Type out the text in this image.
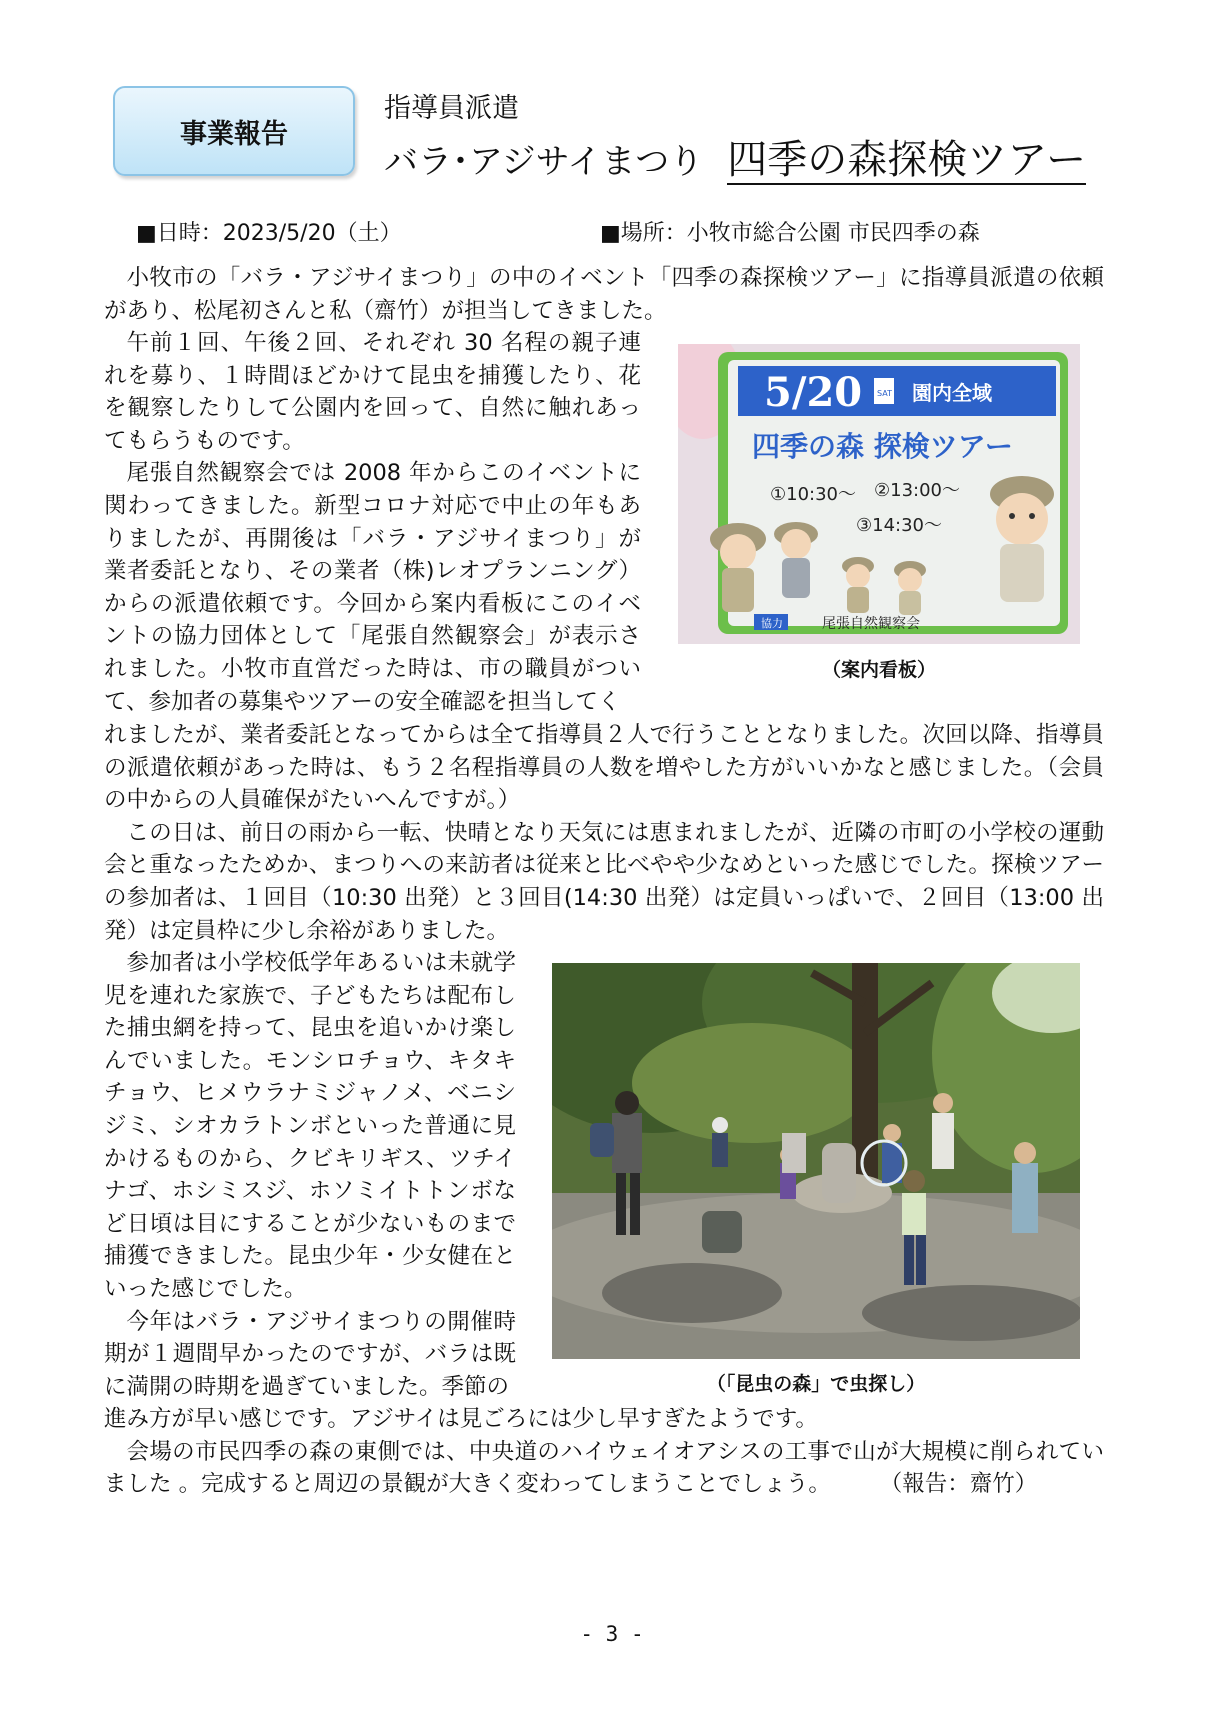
事業報告
指導員派遣
バラ･アジサイまつり 四季の森探検ツアー
■日時：2023/5/20（土）	■場所：小牧市総合公園 市民四季の森

小牧市の「バラ・アジサイまつり」の中のイベント「四季の森探検ツアー」に指導員派遣の依頼があり、松尾初さんと私（齋竹）が担当してきました。

午前１回、午後２回、それぞれ 30 名程の親子連れを募り、１時間ほどかけて昆虫を捕獲したり、花を観察したりして公園内を回って、自然に触れあってもらうものです。

尾張自然観察会では 2008 年からこのイベントに関わってきました。新型コロナ対応で中止の年もありましたが、再開後は「バラ・アジサイまつり」が業者委託となり、その業者（株)レオプランニング）からの派遣依頼です。今回から案内看板にこのイベントの協力団体として「尾張自然観察会」が表示されました。小牧市直営だった時は、市の職員がついて、参加者の募集やツアーの安全確認を担当してく

5/20 SAT 園内全域
四季の森 探検ツアー
①10:30～ ②13:00～
③14:30～
協力	尾張自然観察会
（案内看板）

れましたが、業者委託となってからは全て指導員２人で行うこととなりました。次回以降、指導員の派遣依頼があった時は、もう２名程指導員の人数を増やした方がいいかなと感じました。（会員の中からの人員確保がたいへんですが。）

この日は、前日の雨から一転、快晴となり天気には恵まれましたが、近隣の市町の小学校の運動会と重なったためか、まつりへの来訪者は従来と比べやや少なめといった感じでした。探検ツアーの参加者は、１回目（10:30 出発）と３回目(14:30 出発）は定員いっぱいで、２回目（13:00 出発）は定員枠に少し余裕がありました。

参加者は小学校低学年あるいは未就学児を連れた家族で、子どもたちは配布した捕虫網を持って、昆虫を追いかけ楽しんでいました。モンシロチョウ、キタキチョウ、ヒメウラナミジャノメ、ベニシジミ、シオカラトンボといった普通に見かけるものから、クビキリギス、ツチイナゴ、ホシミスジ、ホソミイトトンボなど日頃は目にすることが少ないものまで捕獲できました。昆虫少年・少女健在といった感じでした。

今年はバラ・アジサイまつりの開催時期が１週間早かったのですが、バラは既に満開の時期を過ぎていました。季節の	（「昆虫の森」で虫探し）

進み方が早い感じです。アジサイは見ごろには少し早すぎたようです。

会場の市民四季の森の東側では、中央道のハイウェイオアシスの工事で山が大規模に削られていました 。完成すると周辺の景観が大きく変わってしまうことでしょう。	（報告：齋竹）

- 3 -
